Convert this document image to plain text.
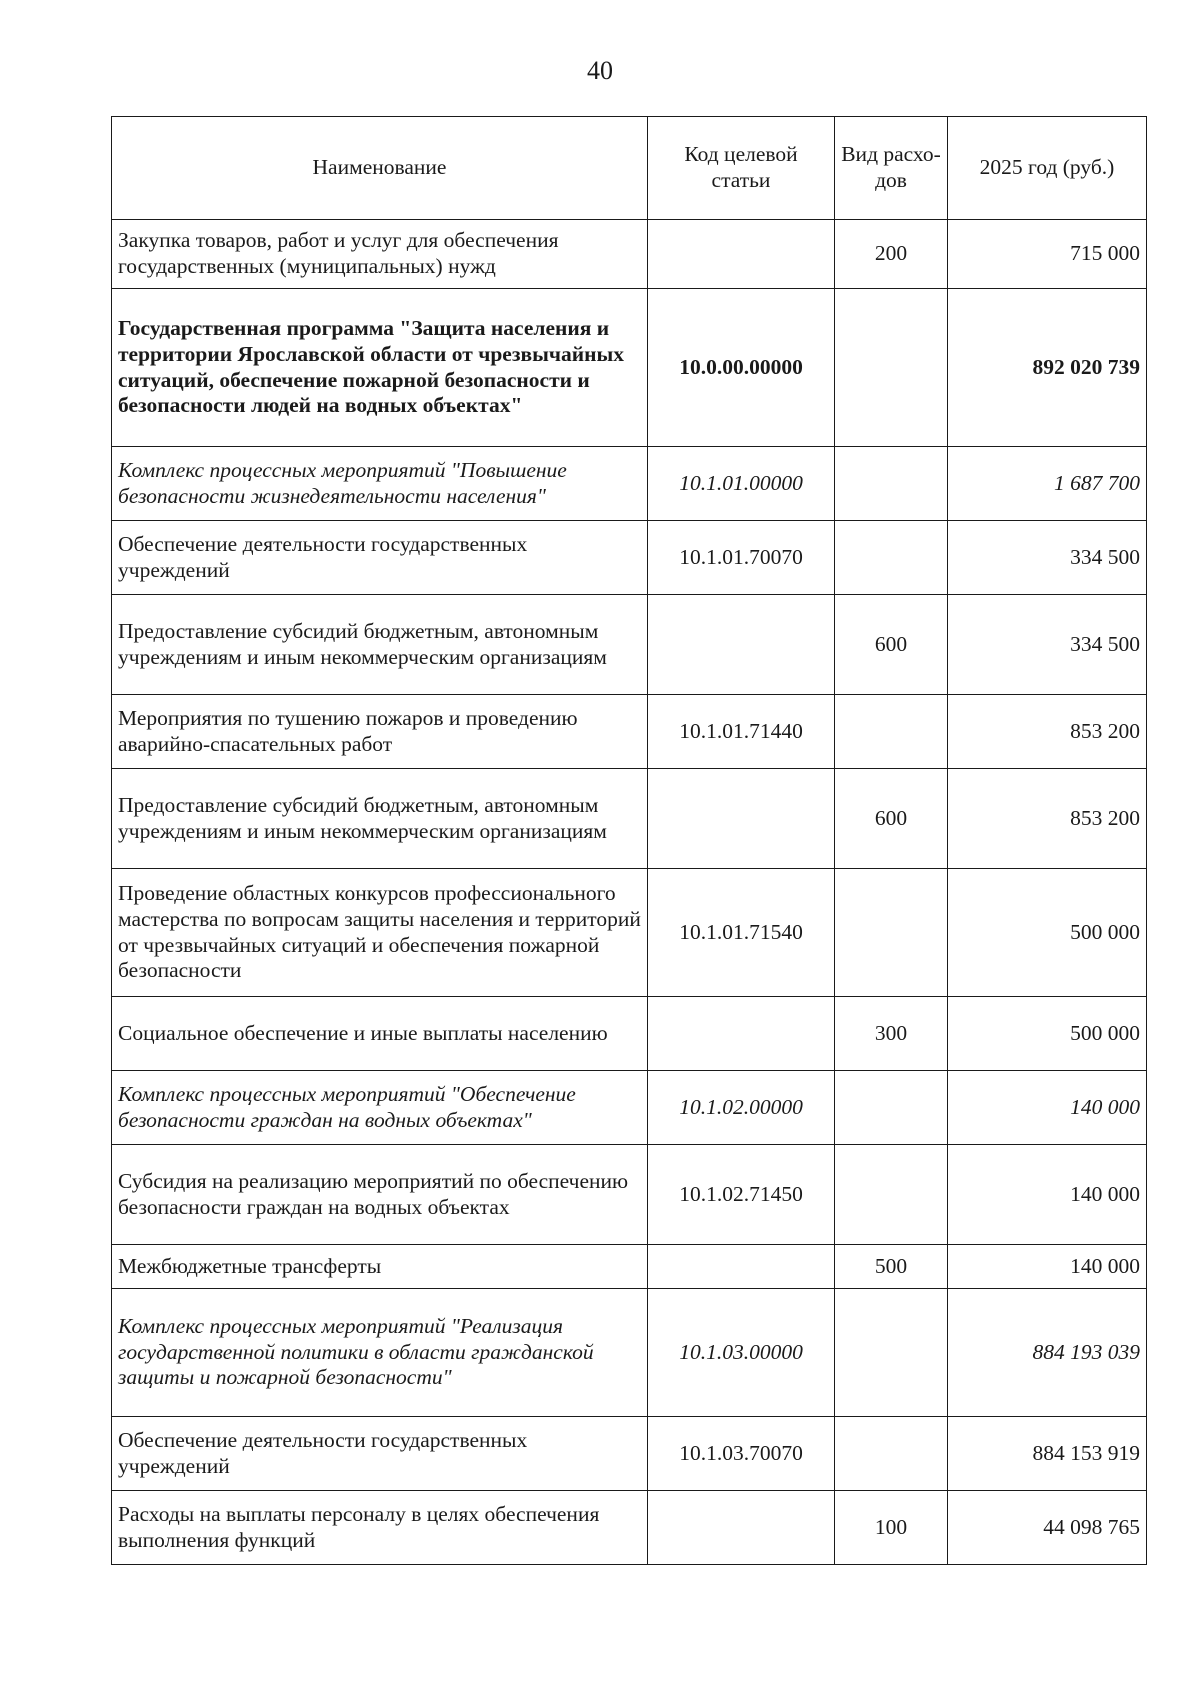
40
Наименование	Код целевой статьи	Вид расхо-дов	2025 год (руб.)
Закупка товаров, работ и услуг для обеспечения государственных (муниципальных) нужд		200	715 000
Государственная программа "Защита населения и территории Ярославской области от чрезвычайных ситуаций, обеспечение пожарной безопасности и безопасности людей на водных объектах"	10.0.00.00000		892 020 739
Комплекс процессных мероприятий "Повышение безопасности жизнедеятельности населения"	10.1.01.00000		1 687 700
Обеспечение деятельности государственных учреждений	10.1.01.70070		334 500
Предоставление субсидий бюджетным, автономным учреждениям и иным некоммерческим организациям		600	334 500
Мероприятия по тушению пожаров и проведению аварийно-спасательных работ	10.1.01.71440		853 200
Предоставление субсидий бюджетным, автономным учреждениям и иным некоммерческим организациям		600	853 200
Проведение областных конкурсов профессионального мастерства по вопросам защиты населения и территорий от чрезвычайных ситуаций и обеспечения пожарной безопасности	10.1.01.71540		500 000
Социальное обеспечение и иные выплаты населению		300	500 000
Комплекс процессных мероприятий "Обеспечение безопасности граждан на водных объектах"	10.1.02.00000		140 000
Субсидия на реализацию мероприятий по обеспечению безопасности граждан на водных объектах	10.1.02.71450		140 000
Межбюджетные трансферты		500	140 000
Комплекс процессных мероприятий "Реализация государственной политики в области гражданской защиты и пожарной безопасности"	10.1.03.00000		884 193 039
Обеспечение деятельности государственных учреждений	10.1.03.70070		884 153 919
Расходы на выплаты персоналу в целях обеспечения выполнения функций		100	44 098 765
